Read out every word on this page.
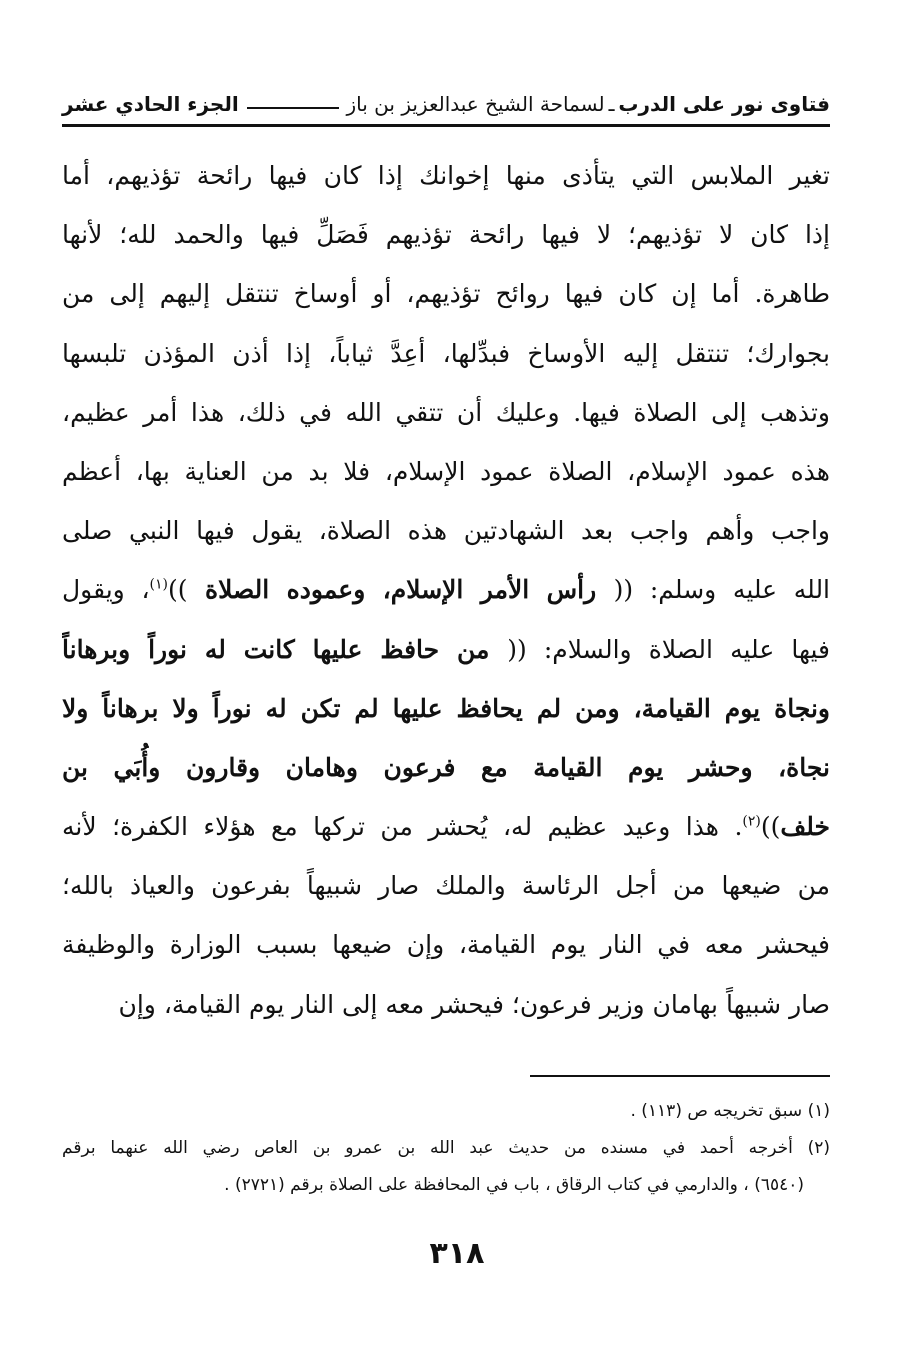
فتاوى نور على الدرب
ـ
لسماحة الشيخ عبدالعزيز بن باز
الجزء الحادي عشر
تغير الملابس التي يتأذى منها إخوانك إذا كان فيها رائحة تؤذيهم، أما
إذا كان لا تؤذيهم؛ لا فيها رائحة تؤذيهم فَصَلِّ فيها والحمد لله؛ لأنها
طاهرة. أما إن كان فيها روائح تؤذيهم، أو أوساخ تنتقل إليهم إلى من
بجوارك؛ تنتقل إليه الأوساخ فبدِّلها، أعِدَّ ثياباً، إذا أذن المؤذن تلبسها
وتذهب إلى الصلاة فيها. وعليك أن تتقي الله في ذلك، هذا أمر عظيم،
هذه عمود الإسلام، الصلاة عمود الإسلام، فلا بد من العناية بها، أعظم
واجب وأهم واجب بعد الشهادتين هذه الصلاة، يقول فيها النبي صلى
الله عليه وسلم: (( رأس الأمر الإسلام، وعموده الصلاة ))$^{(١)}$، ويقول
فيها عليه الصلاة والسلام: (( من حافظ عليها كانت له نوراً وبرهاناً
ونجاة يوم القيامة، ومن لم يحافظ عليها لم تكن له نوراً ولا برهاناً ولا
نجاة، وحشر يوم القيامة مع فرعون وهامان وقارون وأُبَي بن
خلف))$^{(٢)}$. هذا وعيد عظيم له، يُحشر من تركها مع هؤلاء الكفرة؛ لأنه
من ضيعها من أجل الرئاسة والملك صار شبيهاً بفرعون والعياذ بالله؛
فيحشر معه في النار يوم القيامة، وإن ضيعها بسبب الوزارة والوظيفة
صار شبيهاً بهامان وزير فرعون؛ فيحشر معه إلى النار يوم القيامة، وإن
(١) سبق تخريجه ص (١١٣) .
(٢) أخرجه أحمد في مسنده من حديث عبد الله بن عمرو بن العاص رضي الله عنهما برقم
(٦٥٤٠) ، والدارمي في كتاب الرقاق ، باب في المحافظة على الصلاة برقم (٢٧٢١) .
٣١٨
